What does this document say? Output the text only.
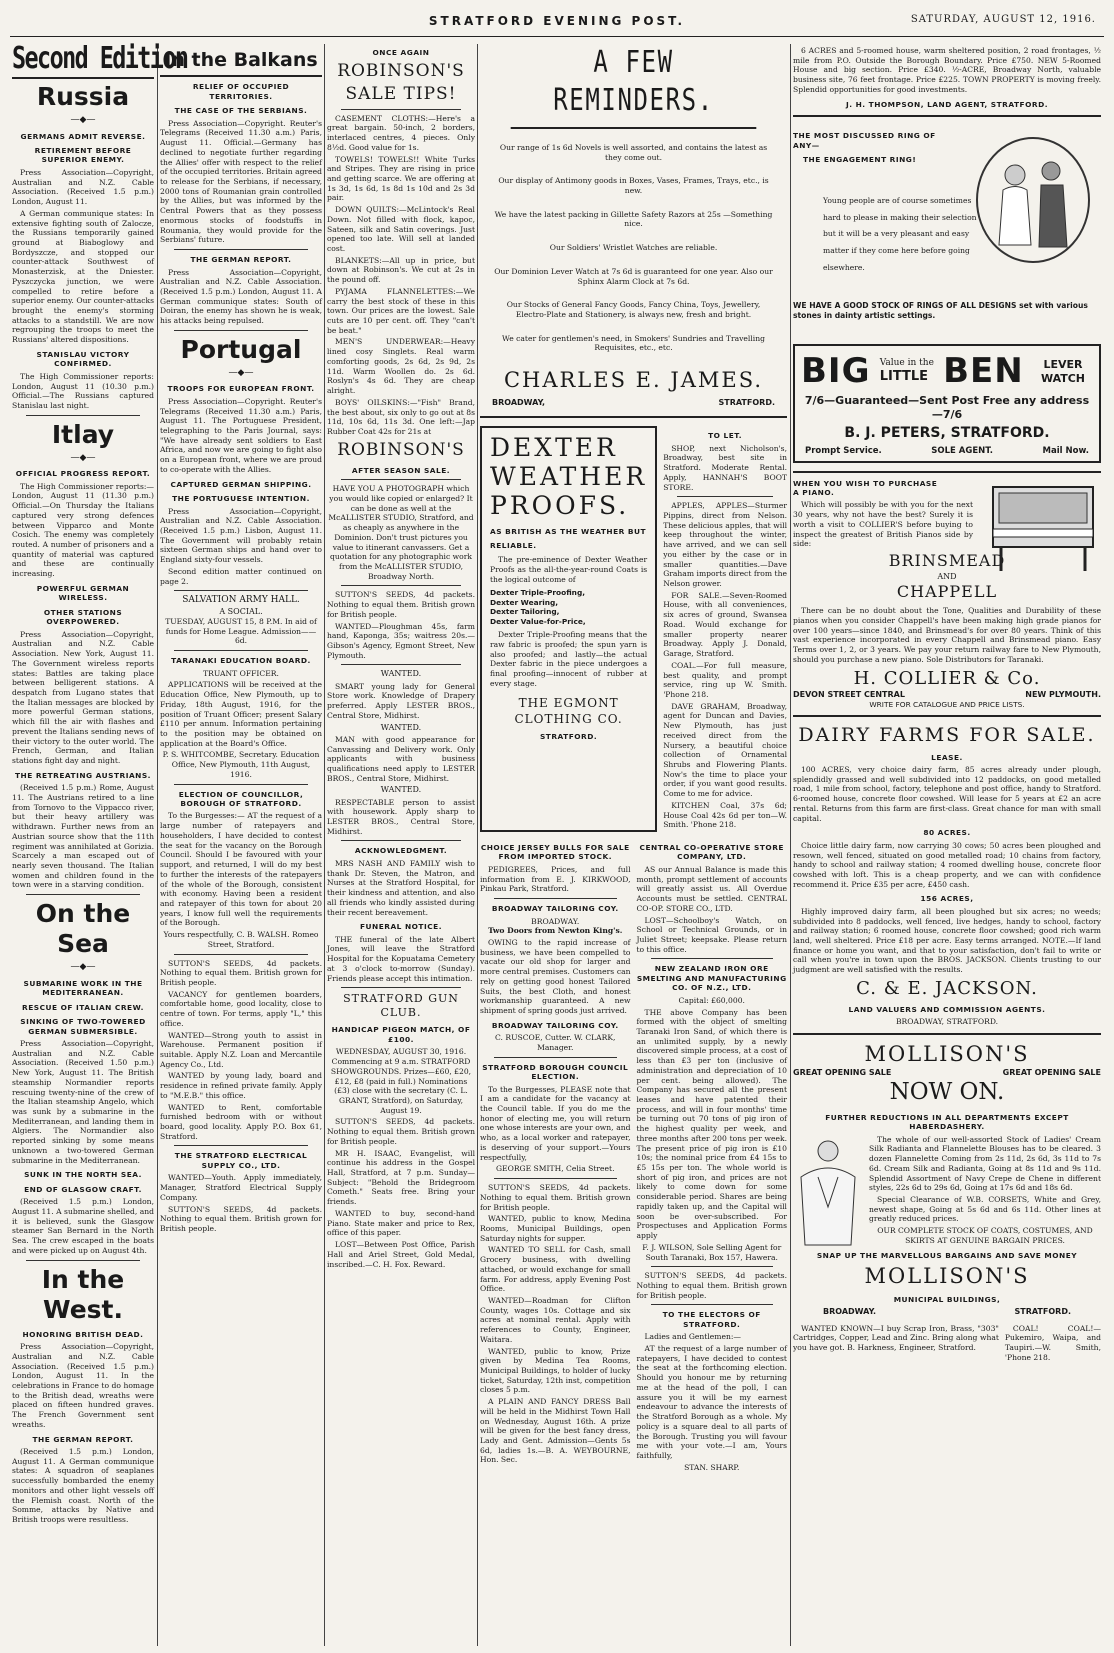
STRATFORD EVENING POST.	SATURDAY, AUGUST 12, 1916.
Second Edition
Russia
—◆—
GERMANS ADMIT REVERSE.
RETIREMENT BEFORE SUPERIOR ENEMY.

Press Association—Copyright, Australian and N.Z. Cable Association. (Received 1.5 p.m.) London, August 11.

A German communique states: In extensive fighting south of Zalocze, the Russians temporarily gained ground at Biaboglowy and Bordyszcze, and stopped our counter-attack Southwest of Monasterzisk, at the Dniester. Pyszczycka junction, we were compelled to retire before a superior enemy. Our counter-attacks brought the enemy's storming attacks to a standstill. We are now regrouping the troops to meet the Russians' altered dispositions.

STANISLAU VICTORY CONFIRMED.

The High Commissioner reports: London, August 11 (10.30 p.m.) Official.—The Russians captured Stanislau last night.

Itlay
—◆—
OFFICIAL PROGRESS REPORT.

The High Commissioner reports:— London, August 11 (11.30 p.m.) Official.—On Thursday the Italians captured very strong defences between Vipparco and Monte Cosich. The enemy was completely routed. A number of prisoners and a quantity of material was captured and these are continually increasing.

POWERFUL GERMAN WIRELESS.
OTHER STATIONS OVERPOWERED.

Press Association—Copyright, Australian and N.Z. Cable Association. New York, August 11. The Government wireless reports states: Battles are taking place between belligerent stations. A despatch from Lugano states that the Italian messages are blocked by more powerful German stations, which fill the air with flashes and prevent the Italians sending news of their victory to the outer world. The French, German, and Italian stations fight day and night.

THE RETREATING AUSTRIANS.

(Received 1.5 p.m.) Rome, August 11. The Austrians retired to a line from Tornovo to the Vippacco river, but their heavy artillery was withdrawn. Further news from an Austrian source show that the 11th regiment was annihilated at Gorizia. Scarcely a man escaped out of nearly seven thousand. The Italian women and children found in the town were in a starving condition.

On the Sea
—◆—
SUBMARINE WORK IN THE MEDITERRANEAN.
RESCUE OF ITALIAN CREW.
SINKING OF TWO-TOWERED GERMAN SUBMERSIBLE.

Press Association—Copyright, Australian and N.Z. Cable Association. (Received 1.50 p.m.) New York, August 11. The British steamship Normandier reports rescuing twenty-nine of the crew of the Italian steamship Angelo, which was sunk by a submarine in the Mediterranean, and landing them in Algiers. The Normandier also reported sinking by some means unknown a two-towered German submarine in the Mediterranean.

SUNK IN THE NORTH SEA.
END OF GLASGOW CRAFT.

(Received 1.5 p.m.) London, August 11. A submarine shelled, and it is believed, sunk the Glasgow steamer San Bernard in the North Sea. The crew escaped in the boats and were picked up on August 4th.

In the West.
HONORING BRITISH DEAD.

Press Association—Copyright, Australian and N.Z. Cable Association. (Received 1.5 p.m.) London, August 11. In the celebrations in France to do homage to the British dead, wreaths were placed on fifteen hundred graves. The French Government sent wreaths.

THE GERMAN REPORT.

(Received 1.5 p.m.) London, August 11. A German communique states: A squadron of seaplanes successfully bombarded the enemy monitors and other light vessels off the Flemish coast. North of the Somme, attacks by Native and British troops were resultless.

In the Balkans
RELIEF OF OCCUPIED TERRITORIES.
THE CASE OF THE SERBIANS.

Press Association—Copyright. Reuter's Telegrams (Received 11.30 a.m.) Paris, August 11. Official.—Germany has declined to negotiate further regarding the Allies' offer with respect to the relief of the occupied territories. Britain agreed to release for the Serbians, if necessary, 2000 tons of Roumanian grain controlled by the Allies, but was informed by the Central Powers that as they possess enormous stocks of foodstuffs in Roumania, they would provide for the Serbians' future.

THE GERMAN REPORT.

Press Association—Copyright, Australian and N.Z. Cable Association. (Received 1.5 p.m.) London, August 11. A German communique states: South of Doiran, the enemy has shown he is weak, his attacks being repulsed.

Portugal
—◆—
TROOPS FOR EUROPEAN FRONT.

Press Association—Copyright. Reuter's Telegrams (Received 11.30 a.m.) Paris, August 11. The Portuguese President, telegraphing to the Paris Journal, says: "We have already sent soldiers to East Africa, and now we are going to fight also on a European front, where we are proud to co-operate with the Allies.

CAPTURED GERMAN SHIPPING.
THE PORTUGUESE INTENTION.

Press Association—Copyright, Australian and N.Z. Cable Association. (Received 1.5 p.m.) Lisbon, August 11. The Government will probably retain sixteen German ships and hand over to England sixty-four vessels.

Second edition matter continued on page 2.

SALVATION ARMY HALL.
A SOCIAL.

TUESDAY, AUGUST 15, 8 P.M. In aid of funds for Home League. Admission——6d.

TARANAKI EDUCATION BOARD.
TRUANT OFFICER.

APPLICATIONS will be received at the Education Office, New Plymouth, up to Friday, 18th August, 1916, for the position of Truant Officer; present Salary £110 per annum. Information pertaining to the position may be obtained on application at the Board's Office.

P. S. WHITCOMBE, Secretary. Education Office, New Plymouth, 11th August, 1916.

ELECTION OF COUNCILLOR, BOROUGH OF STRATFORD.

To the Burgesses:— AT the request of a large number of ratepayers and householders, I have decided to contest the seat for the vacancy on the Borough Council. Should I be favoured with your support, and returned, I will do my best to further the interests of the ratepayers of the whole of the Borough, consistent with economy. Having been a resident and ratepayer of this town for about 20 years, I know full well the requirements of the Borough.

Yours respectfully, C. B. WALSH. Romeo Street, Stratford.

SUTTON'S SEEDS, 4d packets. Nothing to equal them. British grown for British people.

VACANCY for gentlemen boarders, comfortable home, good locality, close to centre of town. For terms, apply "L," this office.

WANTED—Strong youth to assist in Warehouse. Permanent position if suitable. Apply N.Z. Loan and Mercantile Agency Co., Ltd.

WANTED by young lady, board and residence in refined private family. Apply to "M.E.B." this office.

WANTED to Rent, comfortable furnished bedroom with or without board, good locality. Apply P.O. Box 61, Stratford.

THE STRATFORD ELECTRICAL SUPPLY CO., LTD.

WANTED—Youth. Apply immediately, Manager, Stratford Electrical Supply Company.

SUTTON'S SEEDS, 4d packets. Nothing to equal them. British grown for British people.

ONCE AGAIN
ROBINSON'S
SALE TIPS!

CASEMENT CLOTHS:—Here's a great bargain. 50-inch, 2 borders, interlaced centres, 4 pieces. Only 8½d. Good value for 1s.

TOWELS! TOWELS!! White Turks and Stripes. They are rising in price and getting scarce. We are offering at 1s 3d, 1s 6d, 1s 8d 1s 10d and 2s 3d pair.

DOWN QUILTS:—McLintock's Real Down. Not filled with flock, kapoc, Sateen, silk and Satin coverings. Just opened too late. Will sell at landed cost.

BLANKETS:—All up in price, but down at Robinson's. We cut at 2s in the pound off.

PYJAMA FLANNELETTES:—We carry the best stock of these in this town. Our prices are the lowest. Sale cuts are 10 per cent. off. They "can't be beat."

MEN'S UNDERWEAR:—Heavy lined cosy Singlets. Real warm comforting goods, 2s 6d, 2s 9d, 2s 11d. Warm Woollen do. 2s 6d. Roslyn's 4s 6d. They are cheap alright.

BOYS' OILSKINS:—"Fish" Brand, the best about, six only to go out at 8s 11d, 10s 6d, 11s 3d. One left:—Jap Rubber Coat 42s for 21s at

ROBINSON'S
AFTER SEASON SALE.

HAVE YOU A PHOTOGRAPH which you would like copied or enlarged? It can be done as well at the McALLISTER STUDIO, Stratford, and as cheaply as anywhere in the Dominion. Don't trust pictures you value to itinerant canvassers. Get a quotation for any photographic work from the McALLISTER STUDIO, Broadway North.

SUTTON'S SEEDS, 4d packets. Nothing to equal them. British grown for British people.

WANTED—Ploughman 45s, farm hand, Kaponga, 35s; waitress 20s.—Gibson's Agency, Egmont Street, New Plymouth.

WANTED.

SMART young lady for General Store work. Knowledge of Drapery preferred. Apply LESTER BROS., Central Store, Midhirst.

WANTED.

MAN with good appearance for Canvassing and Delivery work. Only applicants with business qualifications need apply to LESTER BROS., Central Store, Midhirst.

WANTED.

RESPECTABLE person to assist with housework. Apply sharp to LESTER BROS., Central Store, Midhirst.

ACKNOWLEDGMENT.

MRS NASH AND FAMILY wish to thank Dr. Steven, the Matron, and Nurses at the Stratford Hospital, for their kindness and attention, and also all friends who kindly assisted during their recent bereavement.

FUNERAL NOTICE.

THE funeral of the late Albert Jones, will leave the Stratford Hospital for the Kopuatama Cemetery at 3 o'clock to-morrow (Sunday). Friends please accept this intimation.

STRATFORD GUN CLUB.
HANDICAP PIGEON MATCH, OF £100.

WEDNESDAY, AUGUST 30, 1916. Commencing at 9 a.m. STRATFORD SHOWGROUNDS. Prizes—£60, £20, £12, £8 (paid in full.) Nominations (£3) close with the secretary (C. L. GRANT, Stratford), on Saturday, August 19.

SUTTON'S SEEDS, 4d packets. Nothing to equal them. British grown for British people.

MR H. ISAAC, Evangelist, will continue his address in the Gospel Hall, Stratford, at 7 p.m. Sunday—Subject: "Behold the Bridegroom Cometh." Seats free. Bring your friends.

WANTED to buy, second-hand Piano. State maker and price to Rex, office of this paper.

LOST—Between Post Office, Parish Hall and Ariel Street, Gold Medal, inscribed.—C. H. Fox. Reward.

A FEW REMINDERS.

Our range of 1s 6d Novels is well assorted, and contains the latest as they come out.

Our display of Antimony goods in Boxes, Vases, Frames, Trays, etc., is new.

We have the latest packing in Gillette Safety Razors at 25s —Something nice.

Our Soldiers' Wristlet Watches are reliable.

Our Dominion Lever Watch at 7s 6d is guaranteed for one year. Also our Sphinx Alarm Clock at 7s 6d.

Our Stocks of General Fancy Goods, Fancy China, Toys, Jewellery, Electro-Plate and Stationery, is always new, fresh and bright.

We cater for gentlemen's need, in Smokers' Sundries and Travelling Requisites, etc., etc.

CHARLES E. JAMES.
BROADWAY,	STRATFORD.
DEXTER
WEATHER
PROOFS.
AS BRITISH AS THE WEATHER BUT RELIABLE.

The pre-eminence of Dexter Weather Proofs as the all-the-year-round Coats is the logical outcome of

Dexter Triple-Proofing,
Dexter Wearing,
Dexter Tailoring,
Dexter Value-for-Price,

Dexter Triple-Proofing means that the raw fabric is proofed; the spun yarn is also proofed; and lastly—the actual Dexter fabric in the piece undergoes a final proofing—innocent of rubber at every stage.

THE EGMONT CLOTHING CO.
STRATFORD.
TO LET.

SHOP, next Nicholson's, Broadway, best site in Stratford. Moderate Rental. Apply, HANNAH'S BOOT STORE.

APPLES, APPLES—Sturmer Pippins, direct from Nelson. These delicious apples, that will keep throughout the winter, have arrived, and we can sell you either by the case or in smaller quantities.—Dave Graham imports direct from the Nelson grower.

FOR SALE.—Seven-Roomed House, with all conveniences, six acres of ground, Swansea Road. Would exchange for smaller property nearer Broadway. Apply J. Donald, Garage, Stratford.

COAL.—For full measure, best quality, and prompt service, ring up W. Smith. 'Phone 218.

DAVE GRAHAM, Broadway, agent for Duncan and Davies, New Plymouth, has just received direct from the Nursery, a beautiful choice collection of Ornamental Shrubs and Flowering Plants. Now's the time to place your order, if you want good results. Come to me for advice.

KITCHEN Coal, 37s 6d; House Coal 42s 6d per ton—W. Smith. 'Phone 218.

CHOICE JERSEY BULLS FOR SALE FROM IMPORTED STOCK.

PEDIGREES, Prices, and full information from E. J. KIRKWOOD, Pinkau Park, Stratford.

BROADWAY TAILORING COY.
BROADWAY.
Two Doors from Newton King's.

OWING to the rapid increase of business, we have been compelled to vacate our old shop for larger and more central premises. Customers can rely on getting good honest Tailored Suits, the best Cloth, and honest workmanship guaranteed. A new shipment of spring goods just arrived.

BROADWAY TAILORING COY.

C. RUSCOE, Cutter. W. CLARK, Manager.

STRATFORD BOROUGH COUNCIL ELECTION.

To the Burgesses, PLEASE note that I am a candidate for the vacancy at the Council table. If you do me the honor of electing me, you will return one whose interests are your own, and who, as a local worker and ratepayer, is deserving of your support.—Yours respectfully,

GEORGE SMITH, Celia Street.

SUTTON'S SEEDS, 4d packets. Nothing to equal them. British grown for British people.

WANTED, public to know, Medina Rooms, Municipal Buildings, open Saturday nights for supper.

WANTED TO SELL for Cash, small Grocery business, with dwelling attached, or would exchange for small farm. For address, apply Evening Post Office.

WANTED—Roadman for Clifton County, wages 10s. Cottage and six acres at nominal rental. Apply with references to County, Engineer, Waitara.

WANTED, public to know, Prize given by Medina Tea Rooms, Municipal Buildings, to holder of lucky ticket, Saturday, 12th inst, competition closes 5 p.m.

A PLAIN AND FANCY DRESS Ball will be held in the Midhirst Town Hall on Wednesday, August 16th. A prize will be given for the best fancy dress, Lady and Gent. Admission—Gents 5s 6d, ladies 1s.—B. A. WEYBOURNE, Hon. Sec.

CENTRAL CO-OPERATIVE STORE COMPANY, LTD.

AS our Annual Balance is made this month, prompt settlement of accounts will greatly assist us. All Overdue Accounts must be settled. CENTRAL CO-OP. STORE CO., LTD.

LOST—Schoolboy's Watch, on School or Technical Grounds, or in Juliet Street; keepsake. Please return to this office.

NEW ZEALAND IRON ORE SMELTING AND MANUFACTURING CO. OF N.Z., LTD.
Capital: £60,000.

THE above Company has been formed with the object of smelting Taranaki Iron Sand, of which there is an unlimited supply, by a newly discovered simple process, at a cost of less than £3 per ton (inclusive of administration and depreciation of 10 per cent. being allowed). The Company has secured all the present leases and have patented their process, and will in four months' time be turning out 70 tons of pig iron of the highest quality per week, and three months after 200 tons per week. The present price of pig iron is £10 10s; the nominal price from £4 15s to £5 15s per ton. The whole world is short of pig iron, and prices are not likely to come down for some considerable period. Shares are being rapidly taken up, and the Capital will soon be over-subscribed. For Prospectuses and Application Forms apply

F. J. WILSON, Sole Selling Agent for South Taranaki, Box 157, Hawera.

SUTTON'S SEEDS, 4d packets. Nothing to equal them. British grown for British people.

TO THE ELECTORS OF STRATFORD.

Ladies and Gentlemen:—

AT the request of a large number of ratepayers, I have decided to contest the seat at the forthcoming election. Should you honour me by returning me at the head of the poll, I can assure you it will be my earnest endeavour to advance the interests of the Stratford Borough as a whole. My policy is a square deal to all parts of the Borough. Trusting you will favour me with your vote.—I am, Yours faithfully,

STAN. SHARP.

6 ACRES and 5-roomed house, warm sheltered position, 2 road frontages, ½ mile from P.O. Outside the Borough Boundary. Price £750. NEW 5-Roomed House and big section. Price £340. ½-ACRE, Broadway North, valuable business site, 76 feet frontage. Price £225. TOWN PROPERTY is moving freely. Splendid opportunities for good investments.

J. H. THOMPSON, LAND AGENT, STRATFORD.
THE MOST DISCUSSED RING OF ANY—
THE ENGAGEMENT RING!

Young people are of course sometimes hard to please in making their selection but it will be a very pleasant and easy matter if they come here before going elsewhere.

WE HAVE A GOOD STOCK OF RINGS OF ALL DESIGNS set with various stones in dainty artistic settings.
BIG Value in the
LITTLE BEN	LEVER WATCH
7/6—Guaranteed—Sent Post Free any address—7/6
B. J. PETERS, STRATFORD.
Prompt Service.	SOLE AGENT.	Mail Now.
WHEN YOU WISH TO PURCHASE A PIANO.

Which will possibly be with you for the next 30 years, why not have the best? Surely it is worth a visit to COLLIER'S before buying to inspect the greatest of British Pianos side by side:

BRINSMEAD
AND
CHAPPELL

There can be no doubt about the Tone, Qualities and Durability of these pianos when you consider Chappell's have been making high grade pianos for over 100 years—since 1840, and Brinsmead's for over 80 years. Think of this vast experience incorporated in every Chappell and Brinsmead piano. Easy Terms over 1, 2, or 3 years. We pay your return railway fare to New Plymouth, should you purchase a new piano. Sole Distributors for Taranaki.

H. COLLIER & Co.
DEVON STREET CENTRAL	NEW PLYMOUTH.
WRITE FOR CATALOGUE AND PRICE LISTS.
DAIRY FARMS FOR SALE.
LEASE.

100 ACRES, very choice dairy farm, 85 acres already under plough, splendidly grassed and well subdivided into 12 paddocks, on good metalled road, 1 mile from school, factory, telephone and post office, handy to Stratford. 6-roomed house, concrete floor cowshed. Will lease for 5 years at £2 an acre rental. Returns from this farm are first-class. Great chance for man with small capital.

80 ACRES.

Choice little dairy farm, now carrying 30 cows; 50 acres been ploughed and resown, well fenced, situated on good metalled road; 10 chains from factory, handy to school and railway station; 4 roomed dwelling house, concrete floor cowshed with loft. This is a cheap property, and we can with confidence recommend it. Price £35 per acre, £450 cash.

156 ACRES,

Highly improved dairy farm, all been ploughed but six acres; no weeds; subdivided into 8 paddocks, well fenced, live hedges, handy to school, factory and railway station; 6 roomed house, concrete floor cowshed; good rich warm land, well sheltered. Price £18 per acre. Easy terms arranged. NOTE.—If land finance or home you want, and that to your satisfaction, don't fail to write or call when you're in town upon the BROS. JACKSON. Clients trusting to our judgment are well satisfied with the results.

C. & E. JACKSON.
LAND VALUERS AND COMMISSION AGENTS.
BROADWAY, STRATFORD.
MOLLISON'S
GREAT OPENING SALE	GREAT OPENING SALE
NOW ON.
FURTHER REDUCTIONS IN ALL DEPARTMENTS EXCEPT HABERDASHERY.

The whole of our well-assorted Stock of Ladies' Cream Silk Radianta and Flannelette Blouses has to be cleared. 3 dozen Flannelette Coming from 2s 11d, 2s 6d, 3s 11d to 7s 6d. Cream Silk and Radianta, Going at 8s 11d and 9s 11d. Splendid Assortment of Navy Crepe de Chene in different styles, 22s 6d to 29s 6d, Going at 17s 6d and 18s 6d.

Special Clearance of W.B. CORSETS, White and Grey, newest shape, Going at 5s 6d and 6s 11d. Other lines at greatly reduced prices.

OUR COMPLETE STOCK OF COATS, COSTUMES, AND SKIRTS AT GENUINE BARGAIN PRICES.

SNAP UP THE MARVELLOUS BARGAINS AND SAVE MONEY
MOLLISON'S
MUNICIPAL BUILDINGS,
BROADWAY.	STRATFORD.

WANTED KNOWN—I buy Scrap Iron, Brass, "303" Cartridges, Copper, Lead and Zinc. Bring along what you have got. B. Harkness, Engineer, Stratford.

COAL! COAL!—Pukemiro, Waipa, and Taupiri.—W. Smith, 'Phone 218.
